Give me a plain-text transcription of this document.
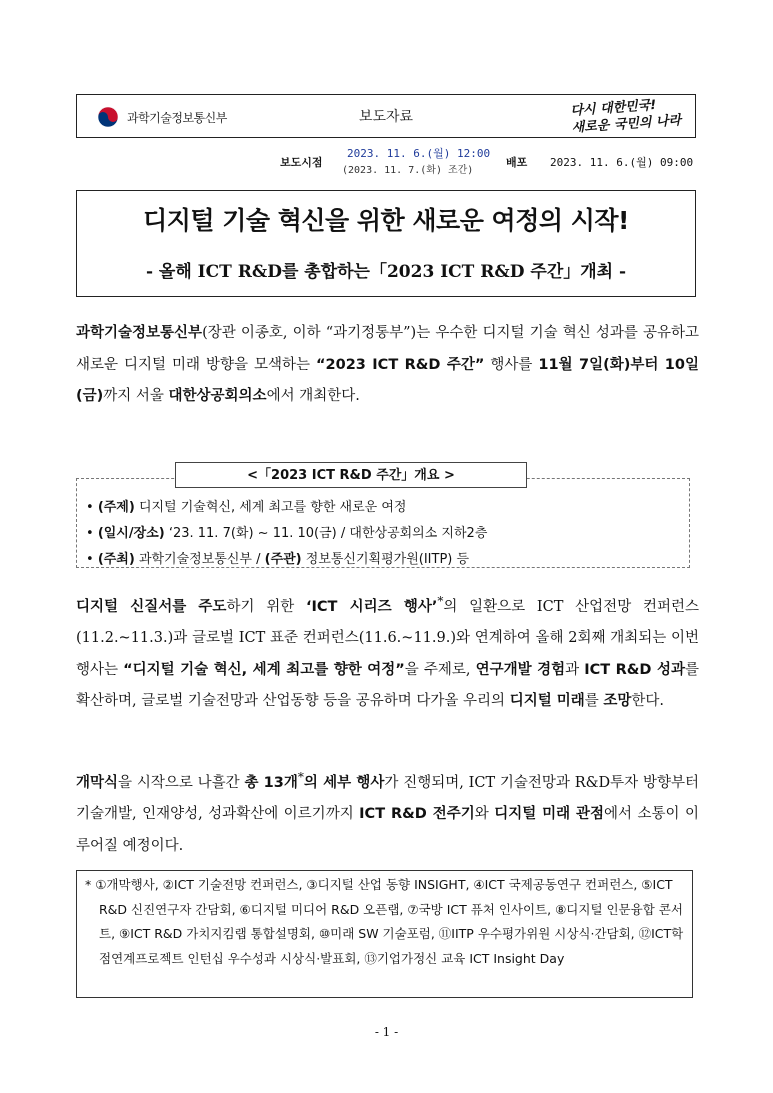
과학기술정보통신부	보도자료	다시 대한민국!
새로운 국민의 나라
보도시점
2023. 11. 6.(월) 12:00
(2023. 11. 7.(화) 조간)
배포 2023. 11. 6.(월) 09:00
디지털 기술 혁신을 위한 새로운 여정의 시작!
- 올해 ICT R&D를 총합하는「2023 ICT R&D 주간」개최 -
과학기술정보통신부(장관 이종호, 이하 “과기정통부”)는 우수한 디지털 기술 혁신 성과를 공유하고 새로운 디지털 미래 방향을 모색하는 “2023 ICT R&D 주간” 행사를 11월 7일(화)부터 10일(금)까지 서울 대한상공회의소에서 개최한다.
<「2023 ICT R&D 주간」개요 >
• (주제) 디지털 기술혁신, 세계 최고를 향한 새로운 여정
• (일시/장소) ‘23. 11. 7(화) ~ 11. 10(금) / 대한상공회의소 지하2층
• (주최) 과학기술정보통신부 / (주관) 정보통신기획평가원(IITP) 등
디지털 신질서를 주도하기 위한 ‘ICT 시리즈 행사’*의 일환으로 ICT 산업전망 컨퍼런스(11.2.~11.3.)과 글로벌 ICT 표준 컨퍼런스(11.6.~11.9.)와 연계하여 올해 2회째 개최되는 이번 행사는 “디지털 기술 혁신, 세계 최고를 향한 여정”을 주제로, 연구개발 경험과 ICT R&D 성과를 확산하며, 글로벌 기술전망과 산업동향 등을 공유하며 다가올 우리의 디지털 미래를 조망한다.
개막식을 시작으로 나흘간 총 13개*의 세부 행사가 진행되며, ICT 기술전망과 R&D투자 방향부터 기술개발, 인재양성, 성과확산에 이르기까지 ICT R&D 전주기와 디지털 미래 관점에서 소통이 이루어질 예정이다.
* ①개막행사, ②ICT 기술전망 컨퍼런스, ③디지털 산업 동향 INSIGHT, ④ICT 국제공동연구 컨퍼런스, ⑤ICT R&D 신진연구자 간담회, ⑥디지털 미디어 R&D 오픈랩, ⑦국방 ICT 퓨처 인사이트, ⑧디지털 인문융합 콘서트, ⑨ICT R&D 가치지킴랩 통합설명회, ⑩미래 SW 기술포럼, ⑪IITP 우수평가위원 시상식·간담회, ⑫ICT학점연계프로젝트 인턴십 우수성과 시상식·발표회, ⑬기업가정신 교육 ICT Insight Day
- 1 -
